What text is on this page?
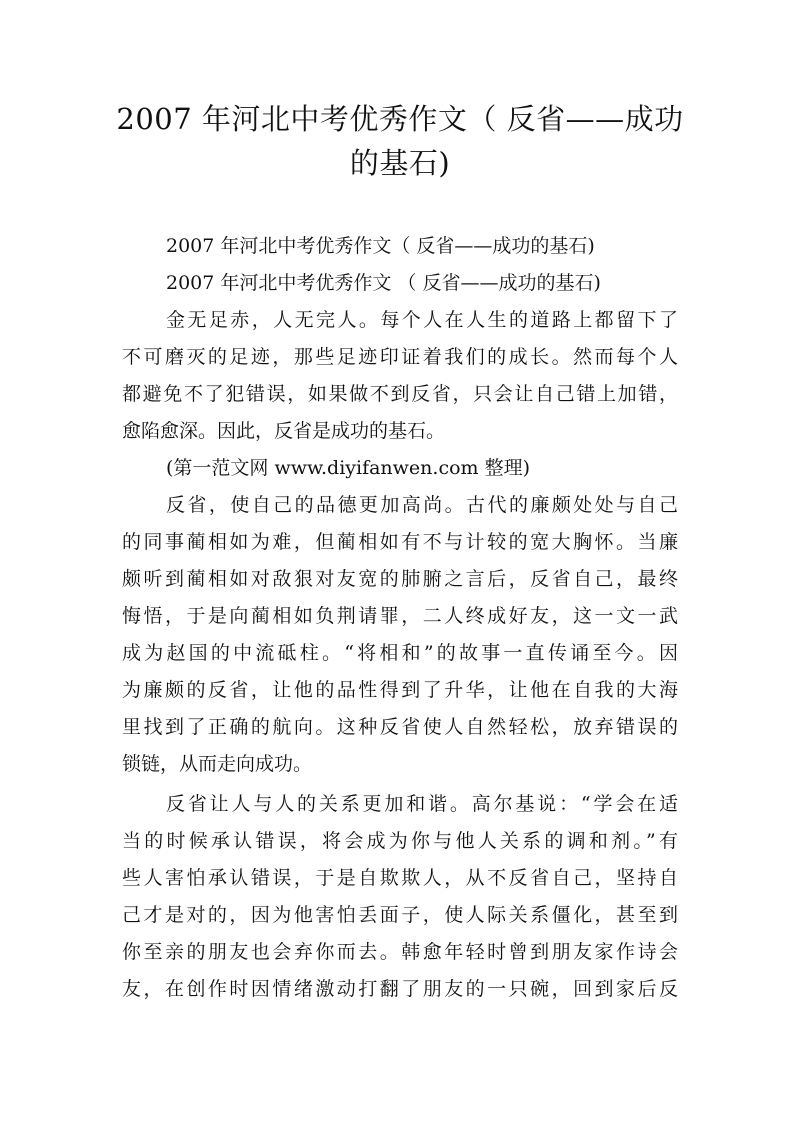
2007 年河北中考优秀作文（ 反省——成功
的基石)
2007 年河北中考优秀作文（ 反省——成功的基石)
2007 年河北中考优秀作文 （ 反省——成功的基石)
金无足赤，人无完人。每个人在人生的道路上都留下了
不可磨灭的足迹，那些足迹印证着我们的成长。然而每个人
都避免不了犯错误，如果做不到反省，只会让自己错上加错，
愈陷愈深。因此，反省是成功的基石。
(第一范文网 www.diyifanwen.com 整理)
反省，使自己的品德更加高尚。古代的廉颇处处与自己
的同事蔺相如为难，但蔺相如有不与计较的宽大胸怀。当廉
颇听到蔺相如对敌狠对友宽的肺腑之言后，反省自己，最终
悔悟，于是向蔺相如负荆请罪，二人终成好友，这一文一武
成为赵国的中流砥柱。“将相和”的故事一直传诵至今。因
为廉颇的反省，让他的品性得到了升华，让他在自我的大海
里找到了正确的航向。这种反省使人自然轻松，放弃错误的
锁链，从而走向成功。
反省让人与人的关系更加和谐。高尔基说：“学会在适
当的时候承认错误，将会成为你与他人关系的调和剂。”有
些人害怕承认错误，于是自欺欺人，从不反省自己，坚持自
己才是对的，因为他害怕丢面子，使人际关系僵化，甚至到
你至亲的朋友也会弃你而去。韩愈年轻时曾到朋友家作诗会
友，在创作时因情绪激动打翻了朋友的一只碗，回到家后反
